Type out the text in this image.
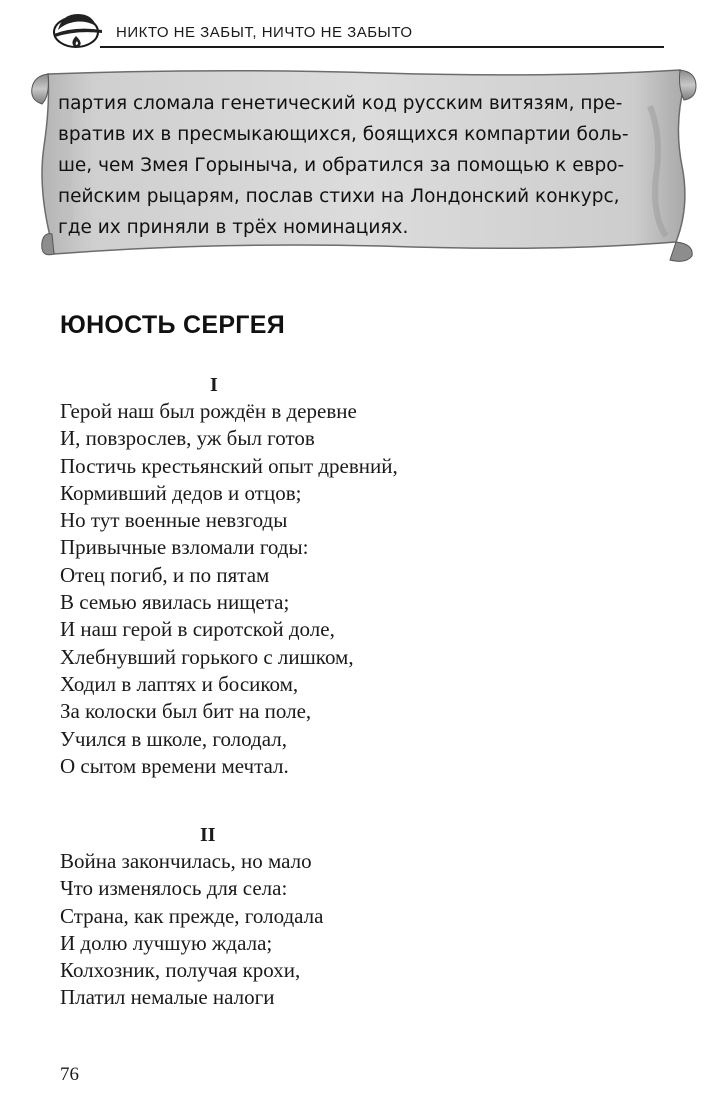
НИКТО НЕ ЗАБЫТ, НИЧТО НЕ ЗАБЫТО
партия сломала генетический код русским витязям, пре-
вратив их в пресмыкающихся, боящихся компартии боль-
ше, чем Змея Горыныча, и обратился за помощью к евро-
пейским рыцарям, послав стихи на Лондонский конкурс,
где их приняли в трёх номинациях.
ЮНОСТЬ СЕРГЕЯ
I
Герой наш был рождён в деревне
И, повзрослев, уж был готов
Постичь крестьянский опыт древний,
Кормивший дедов и отцов;
Но тут военные невзгоды
Привычные взломали годы:
Отец погиб, и по пятам
В семью явилась нищета;
И наш герой в сиротской доле,
Хлебнувший горького с лишком,
Ходил в лаптях и босиком,
За колоски был бит на поле,
Учился в школе, голодал,
О сытом времени мечтал.
II
Война закончилась, но мало
Что изменялось для села:
Страна, как прежде, голодала
И долю лучшую ждала;
Колхозник, получая крохи,
Платил немалые налоги
76
